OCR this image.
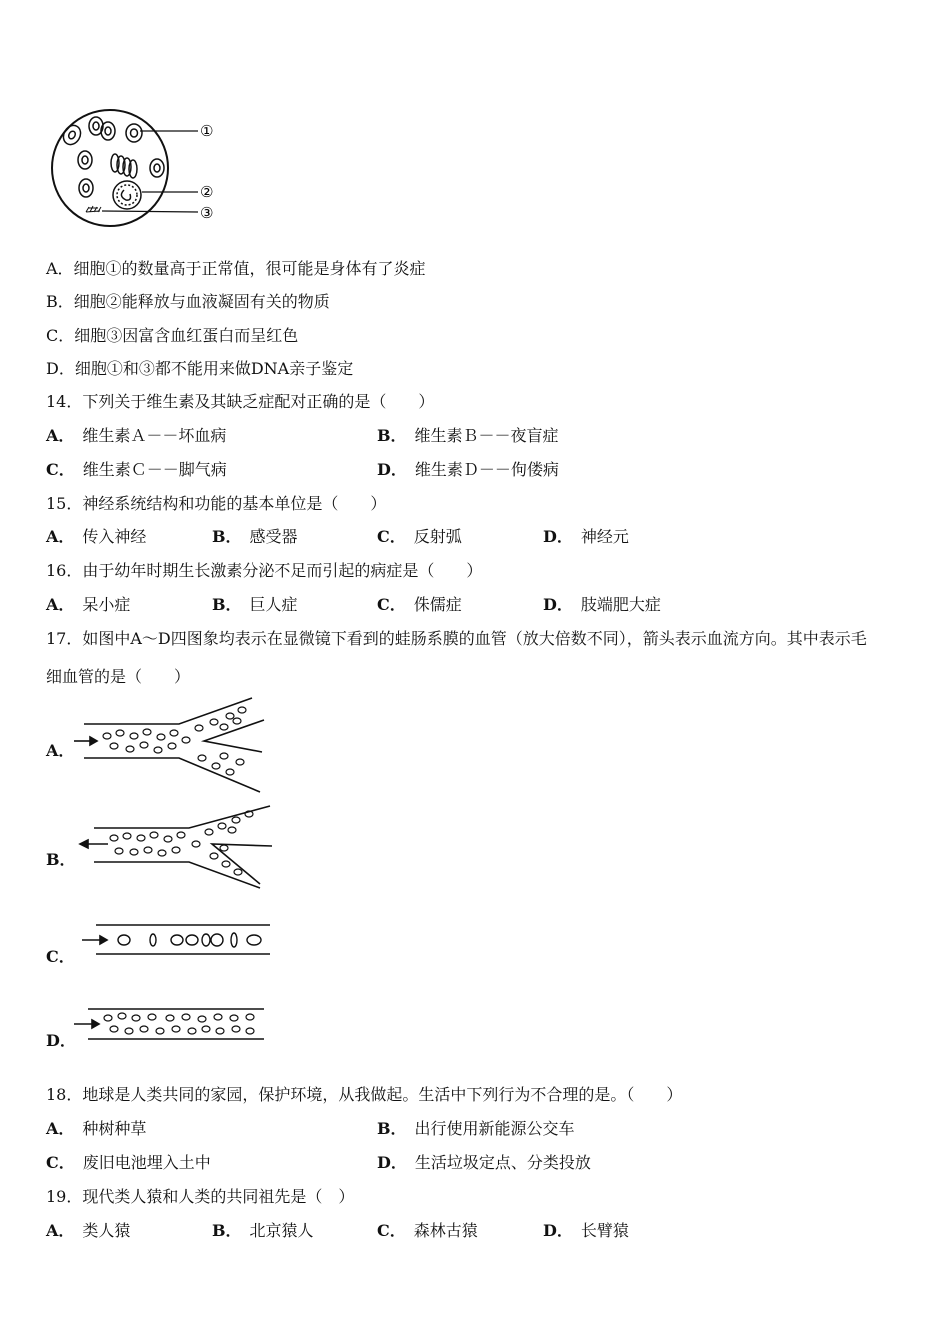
①
②
③
A．细胞①的数量高于正常值，很可能是身体有了炎症
B．细胞②能释放与血液凝固有关的物质
C．细胞③因富含血红蛋白而呈红色
D．细胞①和③都不能用来做DNA亲子鉴定
14．下列关于维生素及其缺乏症配对正确的是（　　）
A． 维生素Ａ－－坏血病	B． 维生素Ｂ－－夜盲症
C． 维生素Ｃ－－脚气病	D． 维生素Ｄ－－佝偻病
15．神经系统结构和功能的基本单位是（　　）
A． 传入神经	B． 感受器	C． 反射弧	D． 神经元
16．由于幼年时期生长激素分泌不足而引起的病症是（　　）
A． 呆小症	B． 巨人症	C． 侏儒症	D． 肢端肥大症
17．如图中A～D四图象均表示在显微镜下看到的蛙肠系膜的血管（放大倍数不同），箭头表示血流方向。其中表示毛
细血管的是（　　）
A．
B．
C．
D．
18．地球是人类共同的家园，保护环境，从我做起。生活中下列行为不合理的是。（　　）
A． 种树种草	B． 出行使用新能源公交车
C． 废旧电池埋入土中	D． 生活垃圾定点、分类投放
19．现代类人猿和人类的共同祖先是（　）
A． 类人猿	B． 北京猿人	C． 森林古猿	D． 长臂猿
